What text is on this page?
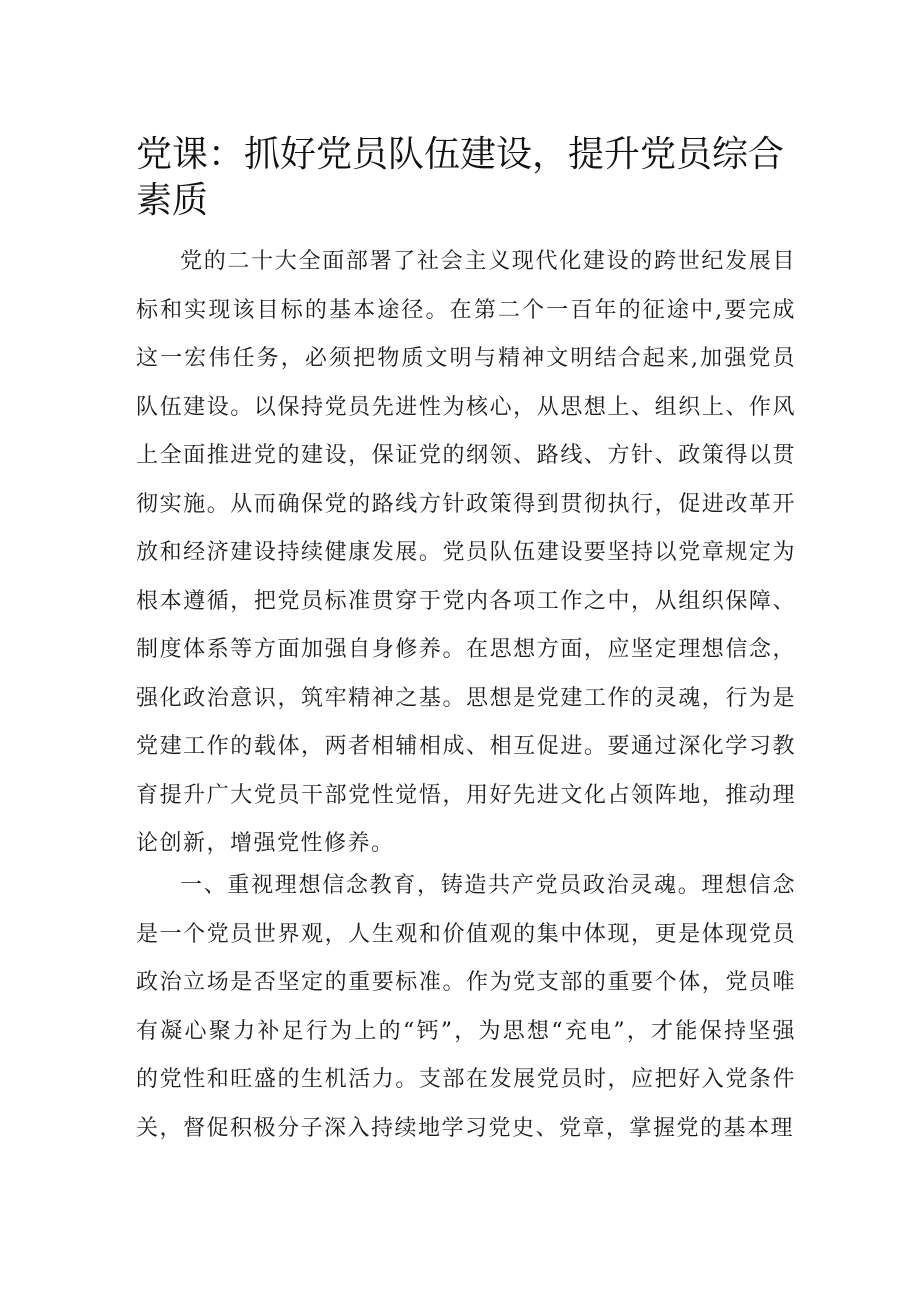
党课：抓好党员队伍建设，提升党员综合素质

党的二十大全面部署了社会主义现代化建设的跨世纪发展目标和实现该目标的基本途径。在第二个一百年的征途中,要完成这一宏伟任务，必须把物质文明与精神文明结合起来,加强党员队伍建设。以保持党员先进性为核心，从思想上、组织上、作风上全面推进党的建设，保证党的纲领、路线、方针、政策得以贯彻实施。从而确保党的路线方针政策得到贯彻执行，促进改革开放和经济建设持续健康发展。党员队伍建设要坚持以党章规定为根本遵循，把党员标准贯穿于党内各项工作之中，从组织保障、制度体系等方面加强自身修养。在思想方面，应坚定理想信念，强化政治意识，筑牢精神之基。思想是党建工作的灵魂，行为是党建工作的载体，两者相辅相成、相互促进。要通过深化学习教育提升广大党员干部党性觉悟，用好先进文化占领阵地，推动理论创新，增强党性修养。

一、重视理想信念教育，铸造共产党员政治灵魂。理想信念是一个党员世界观，人生观和价值观的集中体现，更是体现党员政治立场是否坚定的重要标准。作为党支部的重要个体，党员唯有凝心聚力补足行为上的“钙”，为思想“充电”，才能保持坚强的党性和旺盛的生机活力。支部在发展党员时，应把好入党条件关，督促积极分子深入持续地学习党史、党章，掌握党的基本理
